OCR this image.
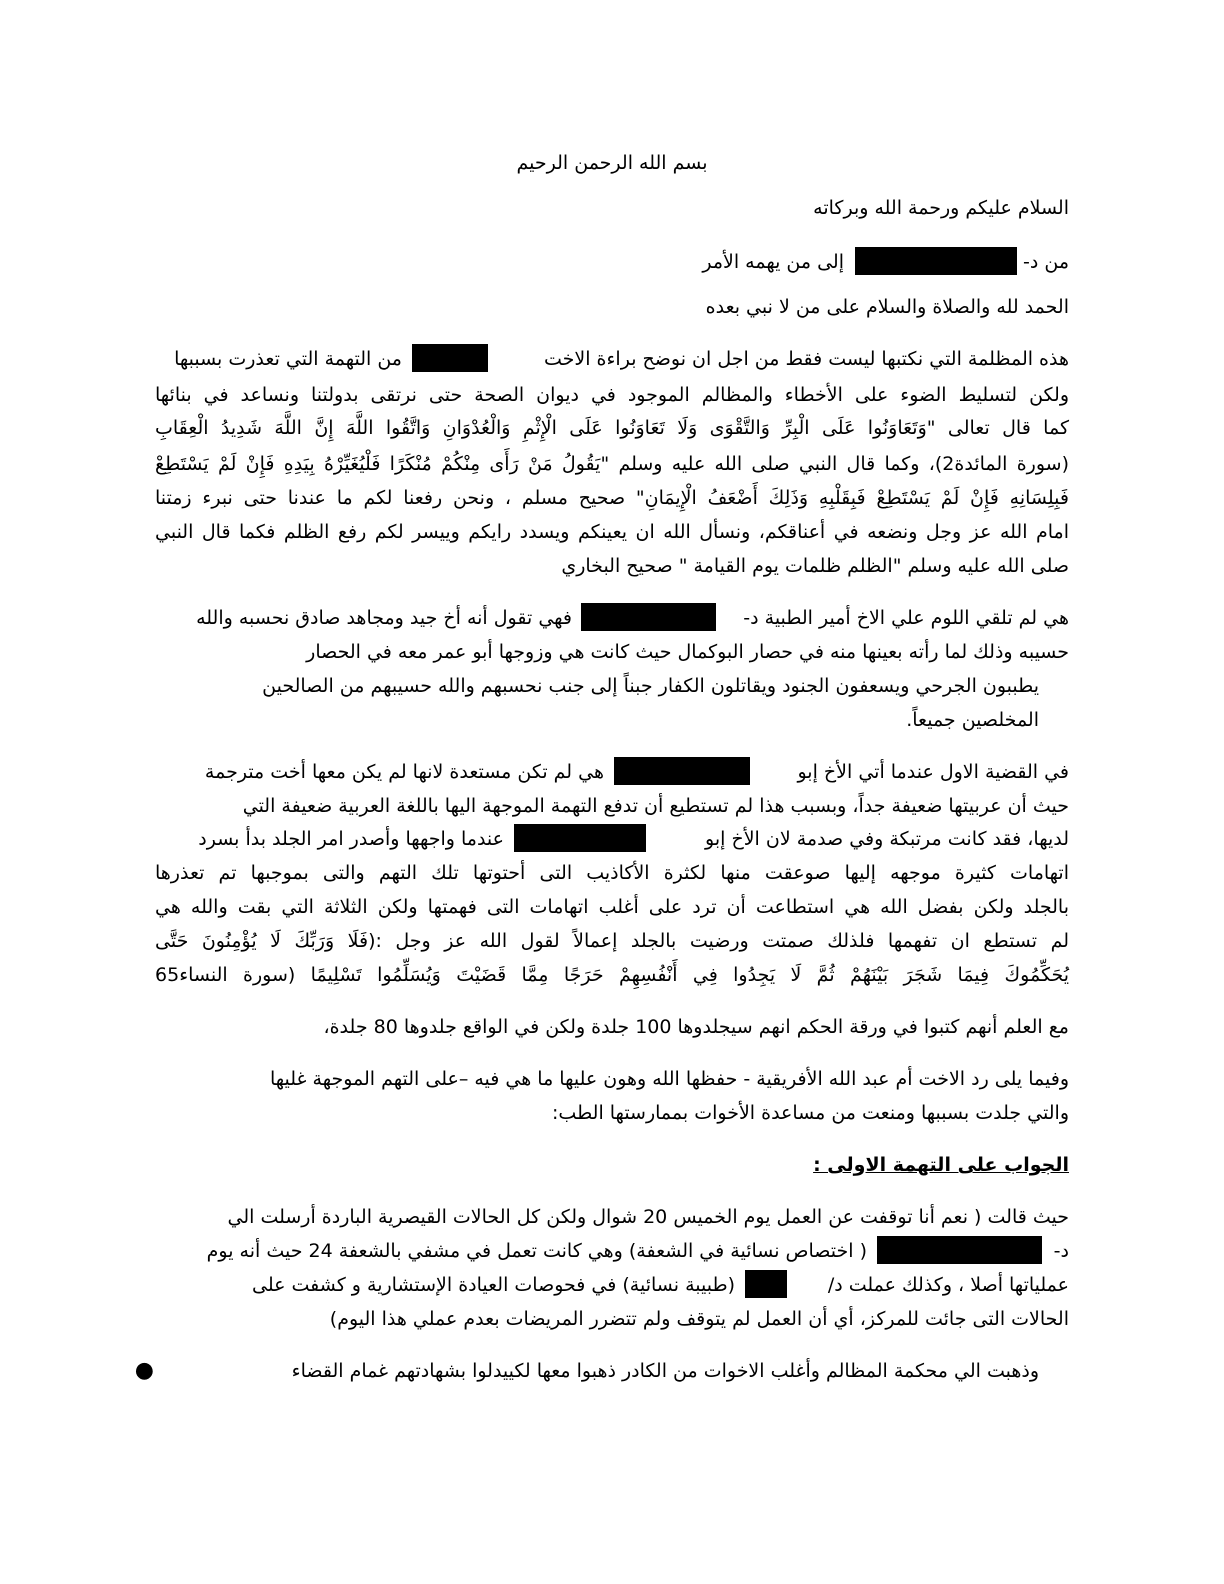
بسم الله الرحمن الرحيم
السلام عليكم ورحمة الله وبركاته
من د-
إلى من يهمه الأمر
الحمد لله والصلاة والسلام على من لا نبي بعده
هذه المظلمة التي نكتبها ليست فقط من اجل ان نوضح براءة الاخت
من التهمة التي تعذرت بسببها
ولكن لتسليط الضوء على الأخطاء والمظالم الموجود في ديوان الصحة حتى نرتقى بدولتنا ونساعد في بنائها
كما قال تعالى "وَتَعَاوَنُوا عَلَى الْبِرِّ وَالتَّقْوَى وَلَا تَعَاوَنُوا عَلَى الْإِثْمِ وَالْعُدْوَانِ وَاتَّقُوا اللَّهَ إِنَّ اللَّهَ شَدِيدُ الْعِقَابِ
(سورة المائدة2)، وكما قال النبي صلى الله عليه وسلم "يَقُولُ مَنْ رَأَى مِنْكُمْ مُنْكَرًا فَلْيُغَيِّرْهُ بِيَدِهِ فَإِنْ لَمْ يَسْتَطِعْ
فَبِلِسَانِهِ فَإِنْ لَمْ يَسْتَطِعْ فَبِقَلْبِهِ وَذَلِكَ أَضْعَفُ الْإِيمَانِ" صحيح مسلم ، ونحن رفعنا لكم ما عندنا حتى نبرء زمتنا
امام الله عز وجل ونضعه في أعناقكم، ونسأل الله ان يعينكم ويسدد رايكم وييسر لكم رفع الظلم فكما قال النبي
صلى الله عليه وسلم "الظلم ظلمات يوم القيامة " صحيح البخاري
هي لم تلقي اللوم علي الاخ أمير الطبية د-
فهي تقول أنه أخ جيد ومجاهد صادق نحسبه والله
حسيبه وذلك لما رأته بعينها منه في حصار البوكمال حيث كانت هي وزوجها أبو عمر معه في الحصار
يطببون الجرحي ويسعفون الجنود ويقاتلون الكفار جبناً إلى جنب نحسبهم والله حسيبهم من الصالحين
المخلصين جميعاً.
في القضية الاول عندما أتي الأخ إبو
هي لم تكن مستعدة لانها لم يكن معها أخت مترجمة
حيث أن عربيتها ضعيفة جداً، وبسبب هذا لم تستطيع أن تدفع التهمة الموجهة اليها باللغة العربية ضعيفة التي
لديها، فقد كانت مرتبكة وفي صدمة لان الأخ إبو
عندما واجهها وأصدر امر الجلد بدأ بسرد
اتهامات كثيرة موجهه إليها صوعقت منها لكثرة الأكاذيب التى أحتوتها تلك التهم والتى بموجبها تم تعذرها
بالجلد ولكن بفضل الله هي استطاعت أن ترد على أغلب اتهامات التى فهمتها ولكن الثلاثة التي بقت والله هي
لم تستطع ان تفهمها فلذلك صمتت ورضيت بالجلد إعمالاً لقول الله عز وجل :(فَلَا وَرَبِّكَ لَا يُؤْمِنُونَ حَتَّى
يُحَكِّمُوكَ فِيمَا شَجَرَ بَيْنَهُمْ ثُمَّ لَا يَجِدُوا فِي أَنْفُسِهِمْ حَرَجًا مِمَّا قَضَيْتَ وَيُسَلِّمُوا تَسْلِيمًا (سورة النساء65
مع العلم أنهم كتبوا في ورقة الحكم انهم سيجلدوها 100 جلدة ولكن في الواقع جلدوها 80 جلدة،
وفيما يلى رد الاخت أم عبد الله الأفريقية - حفظها الله وهون عليها ما هي فيه –على التهم الموجهة غليها
والتي جلدت بسببها ومنعت من مساعدة الأخوات بممارستها الطب:
الجواب على التهمة الاولى :
حيث قالت ( نعم أنا توقفت عن العمل يوم الخميس 20 شوال ولكن كل الحالات القيصرية الباردة أرسلت الي
د-
( اختصاص نسائية في الشعفة) وهي كانت تعمل في مشفي بالشعفة 24 حيث أنه يوم
عملياتها أصلا ، وكذلك عملت د/
(طبيبة نسائية) في فحوصات العيادة الإستشارية و كشفت على
الحالات التى جائت للمركز، أي أن العمل لم يتوقف ولم تتضرر المريضات بعدم عملي هذا اليوم)
●	وذهبت الي محكمة المظالم وأغلب الاخوات من الكادر ذهبوا معها لكييدلوا بشهادتهم غمام القضاء
